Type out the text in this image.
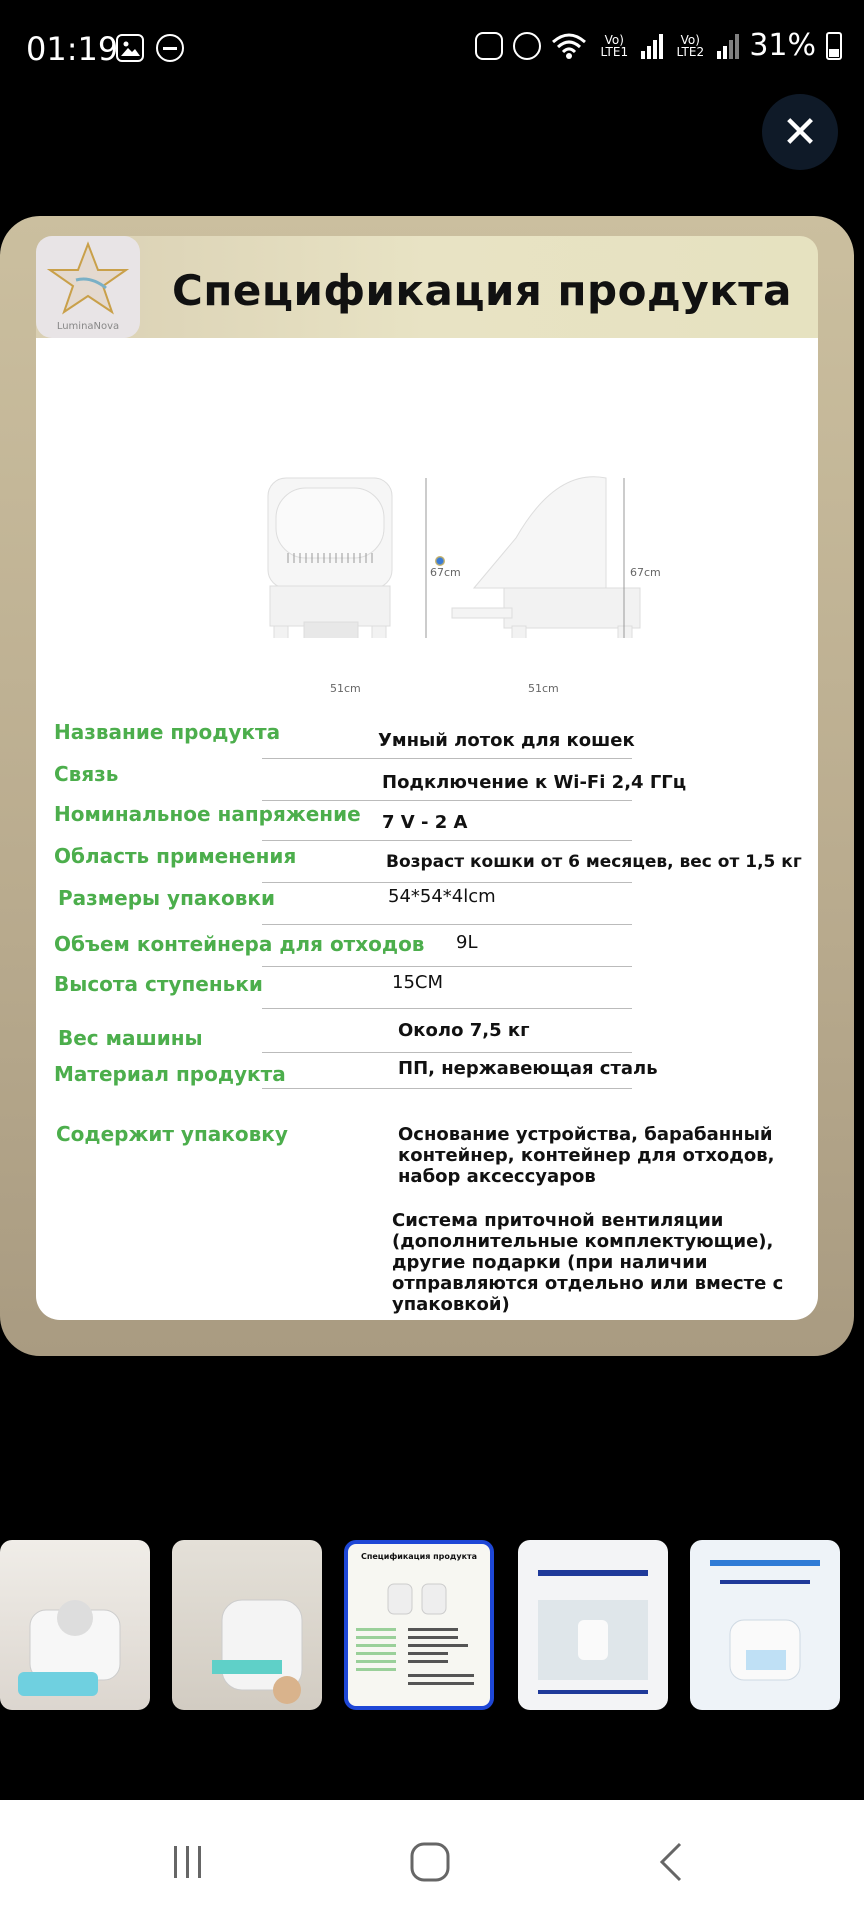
01:19	Vo) LTE1
Vo) LTE2 31%
✕
LuminaNova
Спецификация продукта
67cm
51cm
67cm
51cm
Название продукта	Умный лоток для кошек
Связь	Подключение к Wi-Fi 2,4 ГГц
Номинальное напряжение 7 V - 2 A
Область применения	Возраст кошки от 6 месяцев, вес от 1,5 кг
Размеры упаковки	54*54*4lcm
Объем контейнера для отходов 9L
Высота ступеньки	15CM
Вес машины	Около 7,5 кг
Материал продукта	ПП, нержавеющая сталь
Содержит упаковку	Основание устройства, барабанный контейнер, контейнер для отходов, набор аксессуаров
Система приточной вентиляции (дополнительные комплектующие), другие подарки (при наличии отправляются отдельно или вместе с упаковкой)
Спецификация продукта
